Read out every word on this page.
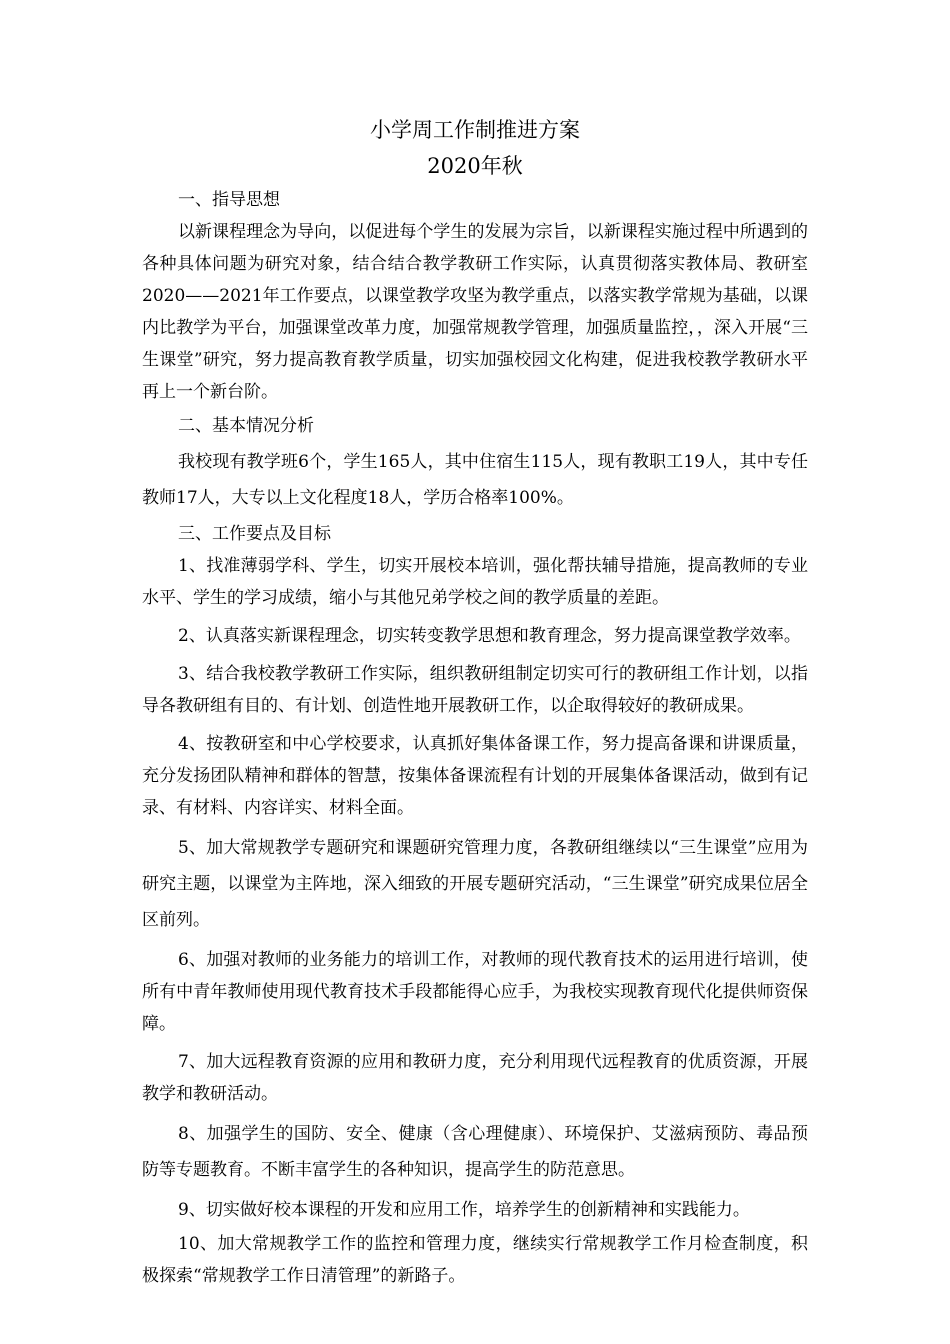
小学周工作制推进方案
2020年秋
一、指导思想

以新课程理念为导向，以促进每个学生的发展为宗旨，以新课程实施过程中所遇到的各种具体问题为研究对象，结合结合教学教研工作实际，认真贯彻落实教体局、教研室2020——2021年工作要点，以课堂教学攻坚为教学重点，以落实教学常规为基础，以课内比教学为平台，加强课堂改革力度，加强常规教学管理，加强质量监控，，深入开展“三生课堂”研究，努力提高教育教学质量，切实加强校园文化构建，促进我校教学教研水平再上一个新台阶。

二、基本情况分析

我校现有教学班6个，学生165人，其中住宿生115人，现有教职工19人，其中专任教师17人，大专以上文化程度18人，学历合格率100%。

三、工作要点及目标

1、找准薄弱学科、学生，切实开展校本培训，强化帮扶辅导措施，提高教师的专业水平、学生的学习成绩，缩小与其他兄弟学校之间的教学质量的差距。

2、认真落实新课程理念，切实转变教学思想和教育理念，努力提高课堂教学效率。

3、结合我校教学教研工作实际，组织教研组制定切实可行的教研组工作计划，以指导各教研组有目的、有计划、创造性地开展教研工作，以企取得较好的教研成果。

4、按教研室和中心学校要求，认真抓好集体备课工作，努力提高备课和讲课质量，充分发扬团队精神和群体的智慧，按集体备课流程有计划的开展集体备课活动，做到有记录、有材料、内容详实、材料全面。

5、加大常规教学专题研究和课题研究管理力度，各教研组继续以“三生课堂”应用为研究主题，以课堂为主阵地，深入细致的开展专题研究活动，“三生课堂”研究成果位居全区前列。

6、加强对教师的业务能力的培训工作，对教师的现代教育技术的运用进行培训，使所有中青年教师使用现代教育技术手段都能得心应手，为我校实现教育现代化提供师资保障。

7、加大远程教育资源的应用和教研力度，充分利用现代远程教育的优质资源，开展教学和教研活动。

8、加强学生的国防、安全、健康（含心理健康）、环境保护、艾滋病预防、毒品预防等专题教育。不断丰富学生的各种知识，提高学生的防范意思。

9、切实做好校本课程的开发和应用工作，培养学生的创新精神和实践能力。

10、加大常规教学工作的监控和管理力度，继续实行常规教学工作月检查制度，积极探索“常规教学工作日清管理”的新路子。
